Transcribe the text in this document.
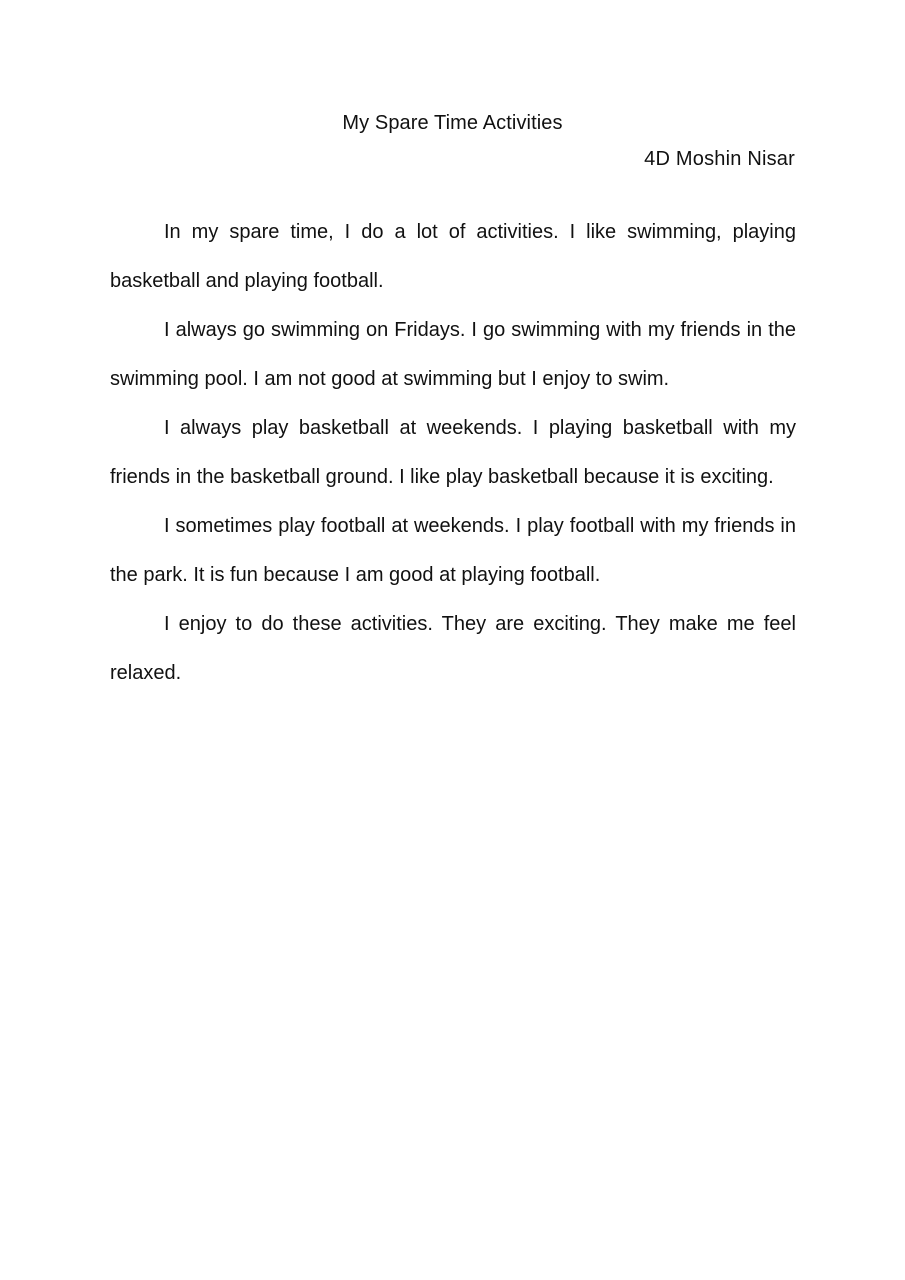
My Spare Time Activities
4D Moshin Nisar

In my spare time, I do a lot of activities. I like swimming, playing basketball and playing football.

I always go swimming on Fridays. I go swimming with my friends in the swimming pool. I am not good at swimming but I enjoy to swim.

I always play basketball at weekends. I playing basketball with my friends in the basketball ground. I like play basketball because it is exciting.

I sometimes play football at weekends. I play football with my friends in the park. It is fun because I am good at playing football.

I enjoy to do these activities. They are exciting. They make me feel relaxed.
